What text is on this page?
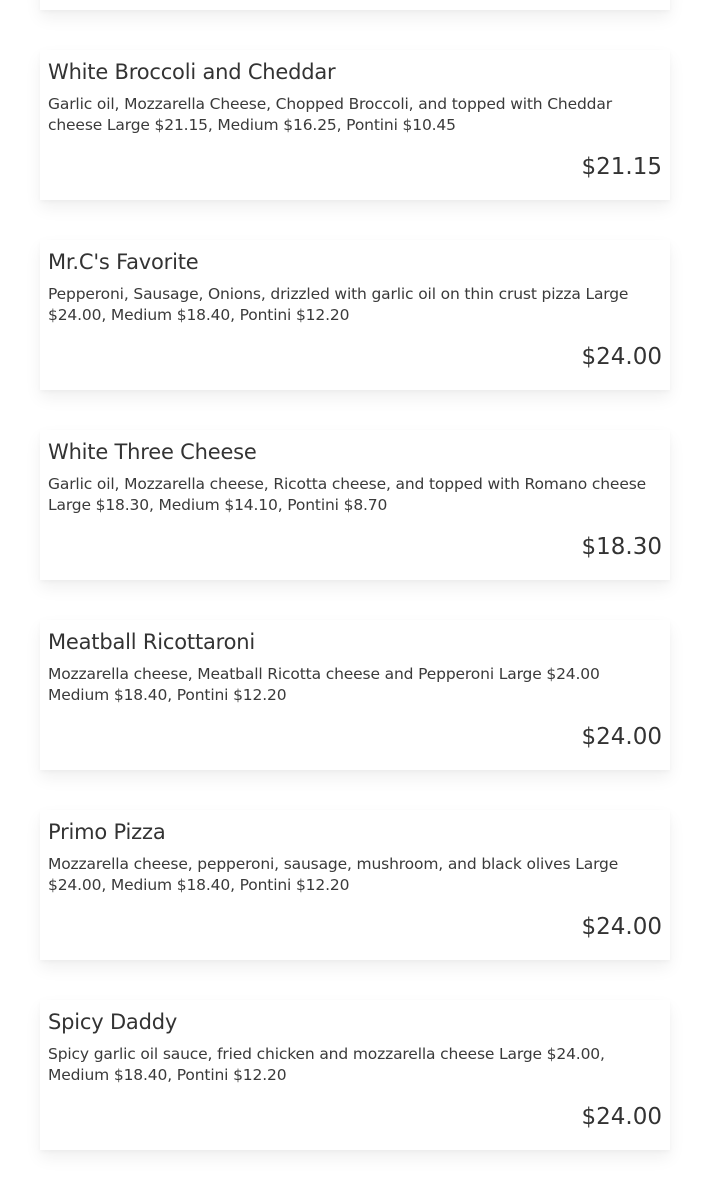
White Broccoli and Cheddar
Garlic oil, Mozzarella Cheese, Chopped Broccoli, and topped with Cheddar cheese Large $21.15, Medium $16.25, Pontini $10.45
$21.15
Mr.C's Favorite
Pepperoni, Sausage, Onions, drizzled with garlic oil on thin crust pizza Large $24.00, Medium $18.40, Pontini $12.20
$24.00
White Three Cheese
Garlic oil, Mozzarella cheese, Ricotta cheese, and topped with Romano cheese Large $18.30, Medium $14.10, Pontini $8.70
$18.30
Meatball Ricottaroni
Mozzarella cheese, Meatball Ricotta cheese and Pepperoni Large $24.00 Medium $18.40, Pontini $12.20
$24.00
Primo Pizza
Mozzarella cheese, pepperoni, sausage, mushroom, and black olives Large $24.00, Medium $18.40, Pontini $12.20
$24.00
Spicy Daddy
Spicy garlic oil sauce, fried chicken and mozzarella cheese Large $24.00, Medium $18.40, Pontini $12.20
$24.00
